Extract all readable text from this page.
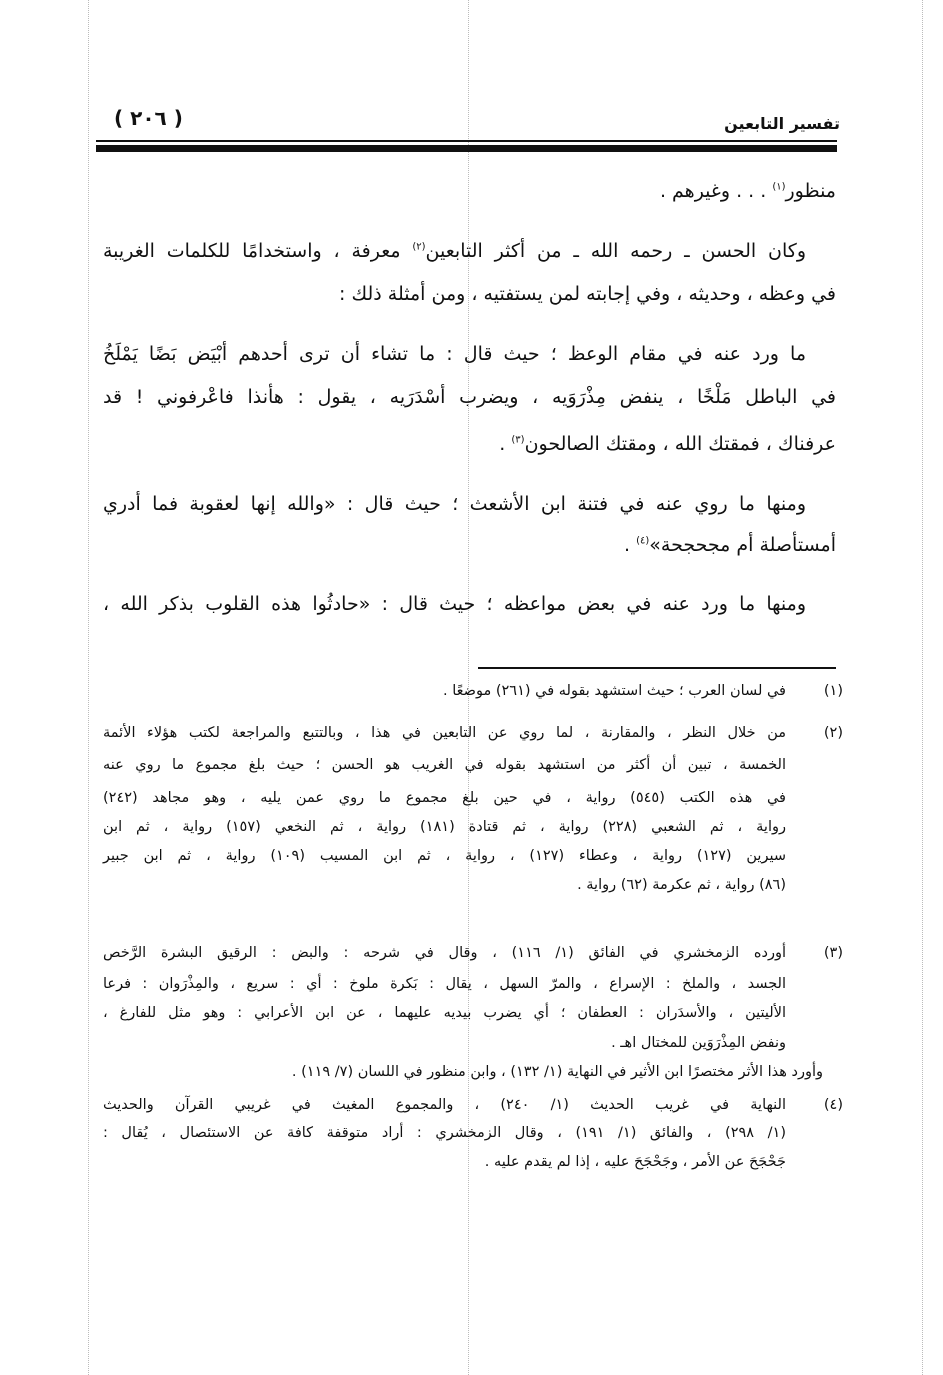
( ٢٠٦ )	تفسير التابعين
منظور$^{(١)}$ . . . وغيرهم .
وكان الحسن ـ رحمه الله ـ من أكثر التابعين$^{(٢)}$ معرفة ، واستخدامًا للكلمات الغريبة
في وعظه ، وحديثه ، وفي إجابته لمن يستفتيه ، ومن أمثلة ذلك :
ما ورد عنه في مقام الوعظ ؛ حيث قال : ما تشاء أن ترى أحدهم أبْيَض بَضًا يَمْلَخُ
في الباطل مَلْخًا ، ينفض مِذْرَوَيه ، ويضرب أسْدَرَيه ، يقول : هأنذا فاعْرفوني ! قد
عرفناك ، فمقتك الله ، ومقتك الصالحون$^{(٣)}$ .
ومنها ما روي عنه في فتنة ابن الأشعث ؛ حيث قال : «والله إنها لعقوبة فما أدري
أمستأصلة أم مجحجحة»$^{(٤)}$ .
ومنها ما ورد عنه في بعض مواعظه ؛ حيث قال : «حادثُوا هذه القلوب بذكر الله ،
(١)
في لسان العرب ؛ حيث استشهد بقوله في (٢٦١) موضعًا .
(٢)
من خلال النظر ، والمقارنة ، لما روي عن التابعين في هذا ، وبالتتبع والمراجعة لكتب هؤلاء الأئمة
الخمسة ، تبين أن أكثر من استشهد بقوله في الغريب هو الحسن ؛ حيث بلغ مجموع ما روي عنه
في هذه الكتب (٥٤٥) رواية ، في حين بلغ مجموع ما روي عمن يليه ، وهو مجاهد (٢٤٢)
رواية ، ثم الشعبي (٢٢٨) رواية ، ثم قتادة (١٨١) رواية ، ثم النخعي (١٥٧) رواية ، ثم ابن
سيرين (١٢٧) رواية ، وعطاء (١٢٧) ، رواية ، ثم ابن المسيب (١٠٩) رواية ، ثم ابن جبير
(٨٦) رواية ، ثم عكرمة (٦٢) رواية .
(٣)
أورده الزمخشري في الفائق (١/ ١١٦) ، وقال في شرحه : والبض : الرقيق البشرة الرَّخص
الجسد ، والملخ : الإسراع ، والمرّ السهل ، يقال : بَكرة ملوخ : أي : سريع ، والمِذْرَوان : فرعا
الأليتين ، والأسدَران : العطفان ؛ أي يضرب بيديه عليهما ، عن ابن الأعرابي : وهو مثل للفارغ ،
ونفض المِذْرَوَين للمختال اهـ .
وأورد هذا الأثر مختصرًا ابن الأثير في النهاية (١/ ١٣٢) ، وابن منظور في اللسان (٧/ ١١٩) .
(٤)
النهاية في غريب الحديث (١/ ٢٤٠) ، والمجموع المغيث في غريبي القرآن والحديث
(١/ ٢٩٨) ، والفائق (١/ ١٩١) ، وقال الزمخشري : أراد متوقفة كافة عن الاستئصال ، يُقال :
جَحْجَحَ عن الأمر ، وجَحْجَحَ عليه ، إذا لم يقدم عليه .
